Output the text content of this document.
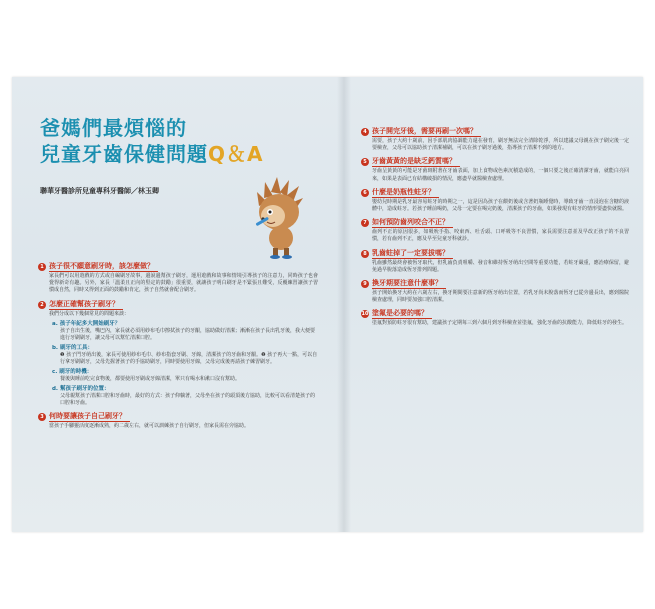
爸媽們最煩惱的
兒童牙齒保健問題Q＆A
聯華牙醫診所兒童專科牙醫師／林玉卿
1 孩子很不願意刷牙時，該怎麼做？
家長們可以用遊戲的方式或自編刷牙故事，邊說邊幫孩子刷牙，運用遊戲和故事和情境引導孩子的注意力，同時孩子也會覺得新奇有趣。另外，家長「溫柔且正向的堅定的鼓勵」很重要，就讓孩子明白刷牙是不緊張且難受，反覆練習讓孩子習慣成自然，同時又得到正面的鼓勵和肯定，孩子自然就會配合刷牙。
2 怎麼正確幫孩子刷牙？
我們分成以下幾個常見的問題來談：
a. 孩子年紀多大開始刷牙？
孩子自出生後，嘴巴內，家長就必須用紗布毛巾擦拭孩子的牙齦，協助做好清潔；漸漸在孩子長出乳牙後，我大便要進行牙刷刷牙，讓父母可以幫忙清潔口腔。
b. 刷牙的工具：
❶ 孩子門牙萌出後，家長可使用紗布毛巾、紗布指套牙刷、牙線，清潔孩子的牙齒和牙齦。❷ 孩子再大一點，可以自行拿牙刷刷牙，父母先握著孩子的手協助刷牙，同時要使用牙線，父母完成後再請孩子練習刷牙。
c. 刷牙的時機：
餐後與睡前吃完食物後，都要使用牙刷或牙線清潔，單只有喝水和漱口沒有幫助。
d. 幫孩子刷牙的位置：
父母親幫孩子清潔口腔和牙齒時，最好的方式：孩子仰躺著，父母坐在孩子的頭頂後方協助，比較可以看清楚孩子的口腔和牙齒。
3 何時要讓孩子自己刷牙？
當孩子手腳靈活度逐漸成熟，約二歲左右，就可以訓練孩子自行刷牙，但家長需在旁協助。
4 孩子開完牙後，需要再刷一次嗎？
需要，孩子大約十歲前，因手部肌肉協調能力還在發育，刷牙無法完全清除乾淨，所以建議父母親在孩子刷完後一定要檢查，父母可以協助孩子清潔補刷，可以在孩子刷牙過後，指導孩子清潔不到的地方。
5 牙齒黃黃的是缺乏鈣質嗎？
牙齒呈黃黃的可能是牙菌斑附著在牙齒表面，加上食物或色素沉積造成的，一個只要之後正確清潔牙齒，就能白亮回來，如果是表面已有結構破損的情況，應盡早就醫檢查處理。
6 什麼是奶瓶性蛀牙？
嬰幼兒時期是乳牙最容易蛀牙的時期之一，這是因為孩子在餵奶後或含著奶瓶睡覺時，導致牙齒一直浸泡在含糖的液體中，造成蛀牙。若孩子睡前喝奶，父母一定要在喝完奶後，清潔孩子的牙齒，如果發現有蛀牙的情形要盡快就醫。
7 如何預防齒列咬合不正？
齒列不正的原因很多，如吸吮手指、咬東西、吐舌頭、口呼吸等不良習慣，家長需要注意並及早改正孩子的不良習慣，若有齒列不正，應及早至兒童牙科就診。
8 乳齒蛀掉了一定要拔嗎？
乳齒雖然最終會被恆牙取代，但乳齒負責咀嚼、發音和維持恆牙萌出空間等重要功能，若蛀牙嚴重，應治療保留，避免過早脫落造成恆牙排列問題。
9 換牙期要注意什麼事？
孩子開始換牙大約在六歲左右，換牙期間要注意新的恆牙萌出位置，若乳牙尚未脫落而恆牙已從旁邊長出，應到醫院檢查處理，同時要加強口腔清潔。
10 塗氟是必要的嗎？
塗氟對預防蛀牙很有幫助，建議孩子定期每三到六個月到牙科檢查並塗氟，強化牙齒的抗酸能力，降低蛀牙的發生。
